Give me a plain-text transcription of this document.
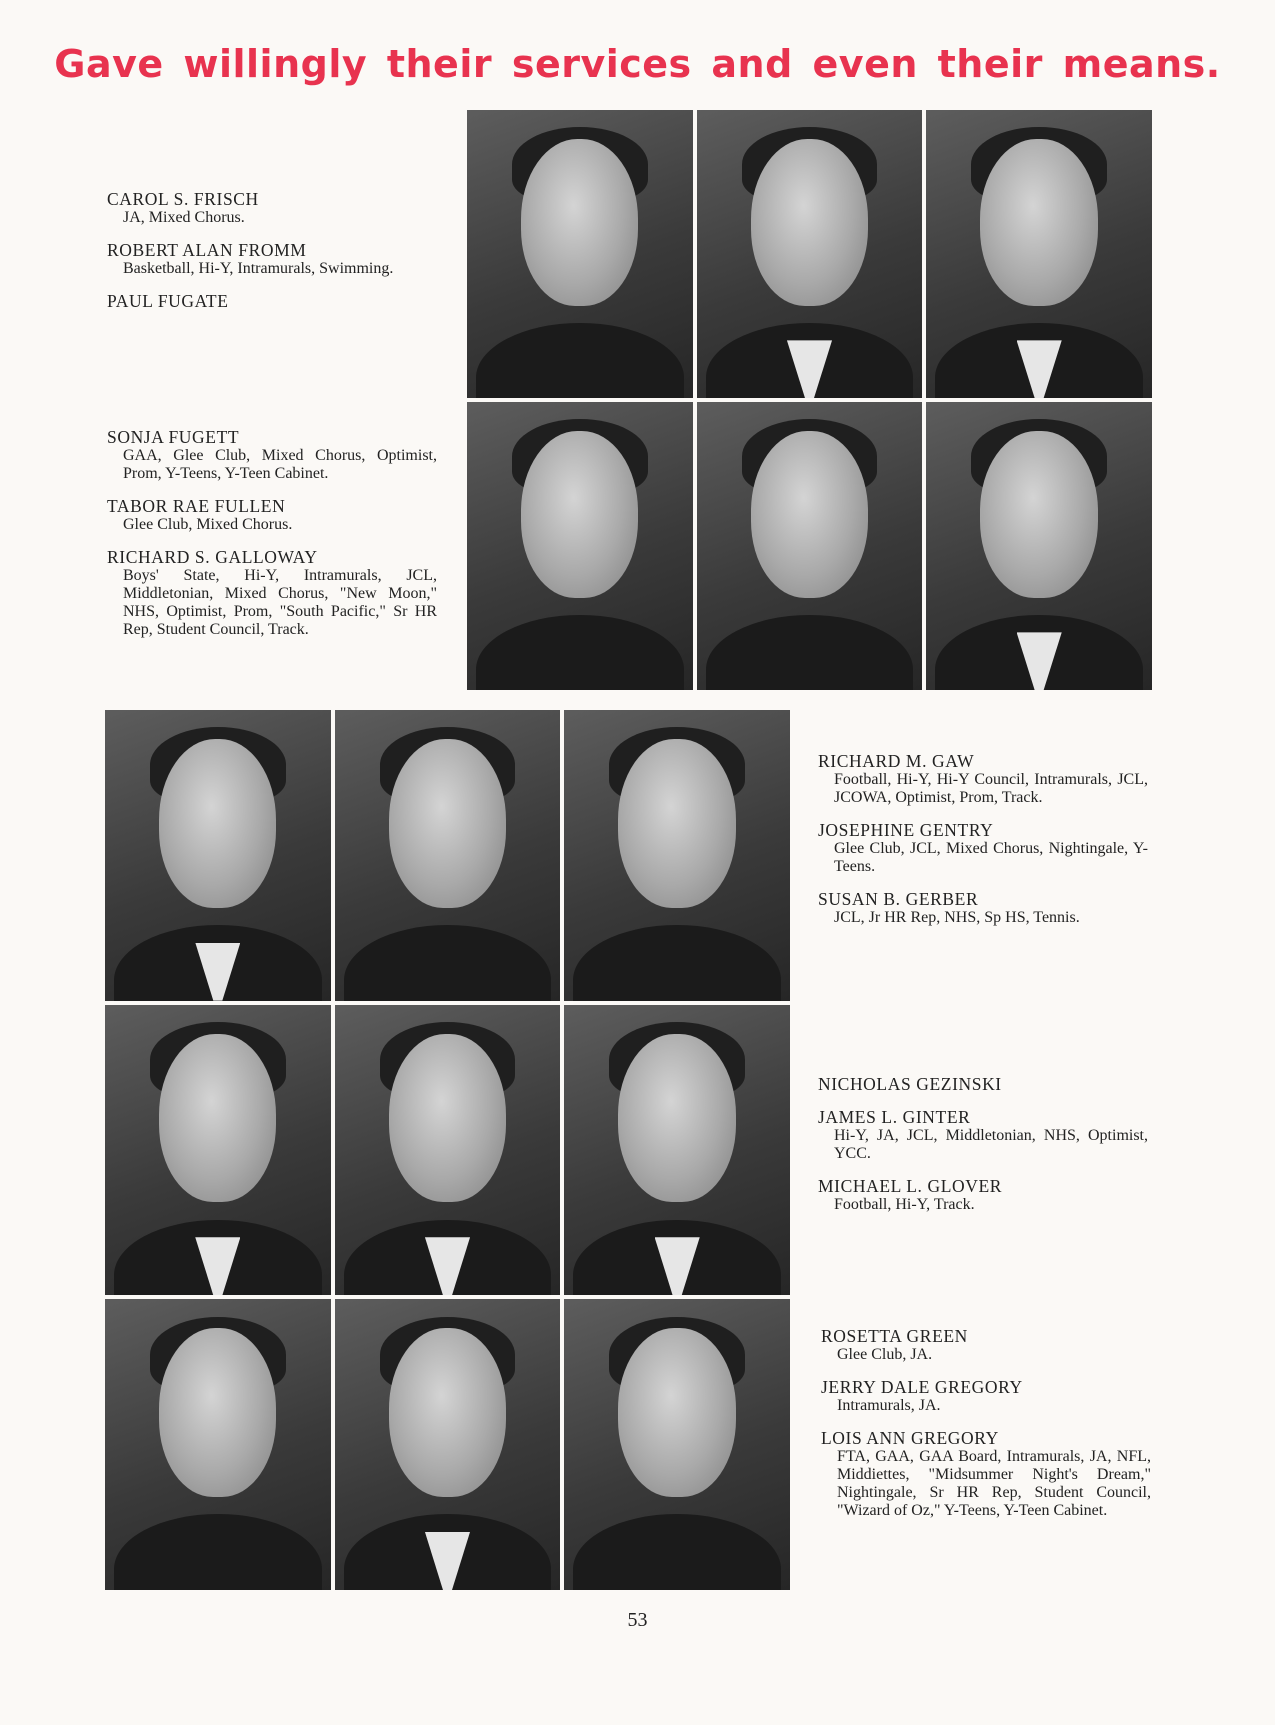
Gave willingly their services and even their means.
CAROL S. FRISCH
JA, Mixed Chorus.
ROBERT ALAN FROMM
Basketball, Hi-Y, Intramurals, Swimming.
PAUL FUGATE
SONJA FUGETT
GAA, Glee Club, Mixed Chorus, Optimist, Prom, Y-Teens, Y-Teen Cabinet.
TABOR RAE FULLEN
Glee Club, Mixed Chorus.
RICHARD S. GALLOWAY
Boys' State, Hi-Y, Intramurals, JCL, Middletonian, Mixed Chorus, "New Moon," NHS, Optimist, Prom, "South Pacific," Sr HR Rep, Student Council, Track.
RICHARD M. GAW
Football, Hi-Y, Hi-Y Council, Intramurals, JCL, JCOWA, Optimist, Prom, Track.
JOSEPHINE GENTRY
Glee Club, JCL, Mixed Chorus, Nightingale, Y-Teens.
SUSAN B. GERBER
JCL, Jr HR Rep, NHS, Sp HS, Tennis.
NICHOLAS GEZINSKI
JAMES L. GINTER
Hi-Y, JA, JCL, Middletonian, NHS, Optimist, YCC.
MICHAEL L. GLOVER
Football, Hi-Y, Track.
ROSETTA GREEN
Glee Club, JA.
JERRY DALE GREGORY
Intramurals, JA.
LOIS ANN GREGORY
FTA, GAA, GAA Board, Intramurals, JA, NFL, Middiettes, "Midsummer Night's Dream," Nightingale, Sr HR Rep, Student Council, "Wizard of Oz," Y-Teens, Y-Teen Cabinet.
53
